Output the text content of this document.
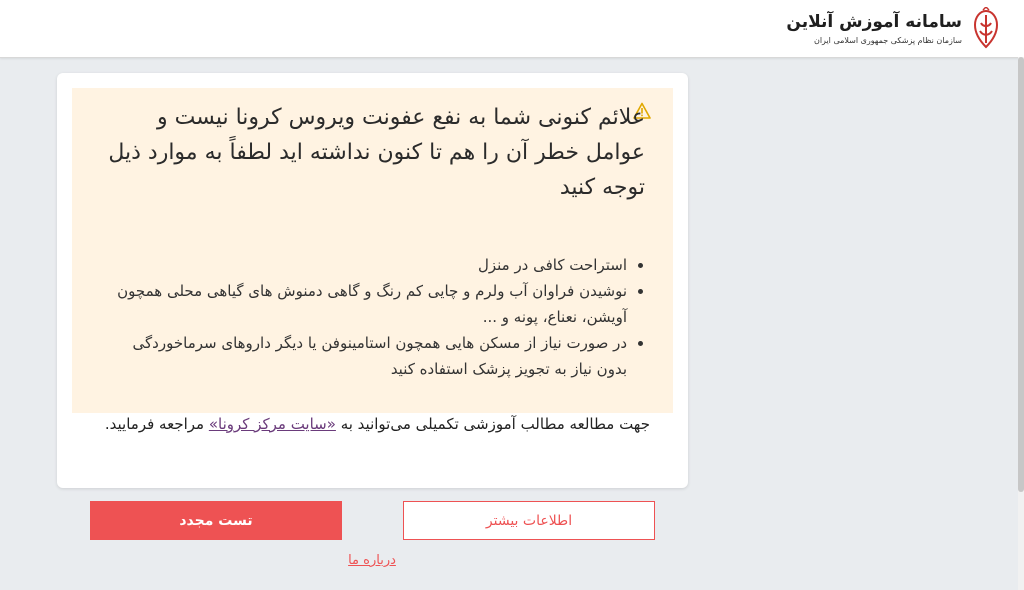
سامانه آموزش آنلاین
سازمان نظام پزشکی جمهوری اسلامی ایران
علائم کنونی شما به نفع عفونت ویروس کرونا نیست و عوامل خطر آن را هم تا کنون نداشته اید لطفاً به موارد ذیل توجه کنید
استراحت کافی در منزل
نوشیدن فراوان آب ولرم و چایی کم رنگ و گاهی دمنوش های گیاهی محلی همچون آویشن، نعناع، پونه و ...
در صورت نیاز از مسکن هایی همچون استامینوفن یا دیگر داروهای سرماخوردگی بدون نیاز به تجویز پزشک استفاده کنید
جهت مطالعه مطالب آموزشی تکمیلی می‌توانید به «سایت مرکز کرونا» مراجعه فرمایید.
تست مجدد	اطلاعات بیشتر
درباره ما
